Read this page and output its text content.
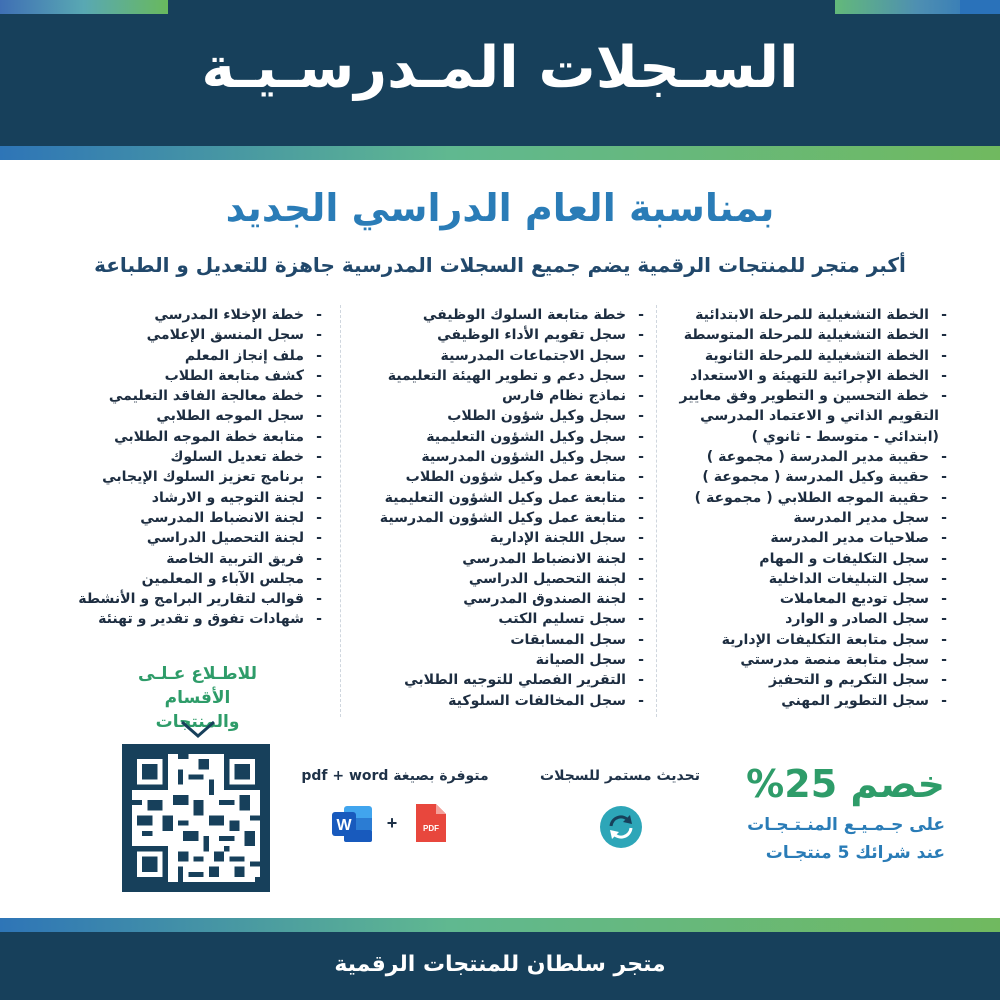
السـجلات المـدرسـيـة
بمناسبة العام الدراسي الجديد
أكبر متجر للمنتجات الرقمية يضم جميع السجلات المدرسية جاهزة للتعديل و الطباعة
- الخطة التشغيلية للمرحلة الابتدائية
- الخطة التشغيلية للمرحلة المتوسطة
- الخطة التشغيلية للمرحلة الثانوية
- الخطة الإجرائية للتهيئة و الاستعداد
- خطة التحسين و التطوير وفق معايير
التقويم الذاتي و الاعتماد المدرسي
(ابتدائي - متوسط - ثانوي )
- حقيبة مدير المدرسة ( مجموعة )
- حقيبة وكيل المدرسة ( مجموعة )
- حقيبة الموجه الطلابي ( مجموعة )
- سجل مدير المدرسة
- صلاحيات مدير المدرسة
- سجل التكليفات و المهام
- سجل التبليغات الداخلية
- سجل توديع المعاملات
- سجل الصادر و الوارد
- سجل متابعة التكليفات الإدارية
- سجل متابعة منصة مدرستي
- سجل التكريم و التحفيز
- سجل التطوير المهني
- خطة متابعة السلوك الوظيفي
- سجل تقويم الأداء الوظيفي
- سجل الاجتماعات المدرسية
- سجل دعم و تطوير الهيئة التعليمية
- نماذج نظام فارس
- سجل وكيل شؤون الطلاب
- سجل وكيل الشؤون التعليمية
- سجل وكيل الشؤون المدرسية
- متابعة عمل وكيل شؤون الطلاب
- متابعة عمل وكيل الشؤون التعليمية
- متابعة عمل وكيل الشؤون المدرسية
- سجل اللجنة الإدارية
- لجنة الانضباط المدرسي
- لجنة التحصيل الدراسي
- لجنة الصندوق المدرسي
- سجل تسليم الكتب
- سجل المسابقات
- سجل الصيانة
- التقرير الفصلي للتوجيه الطلابي
- سجل المخالفات السلوكية
- خطة الإخلاء المدرسي
- سجل المنسق الإعلامي
- ملف إنجاز المعلم
- كشف متابعة الطلاب
- خطة معالجة الفاقد التعليمي
- سجل الموجه الطلابي
- متابعة خطة الموجه الطلابي
- خطة تعديل السلوك
- برنامج تعزيز السلوك الإيجابي
- لجنة التوجيه و الارشاد
- لجنة الانضباط المدرسي
- لجنة التحصيل الدراسي
- فريق التربية الخاصة
- مجلس الآباء و المعلمين
- قوالب لتقارير البرامج و الأنشطة
- شهادات تفوق و تقدير و تهنئة
للاطـلاع عـلـى
الأقسام والمنتجات
متوفرة بصيغة pdf + word
W +	PDF
تحديث مستمر للسجلات خصم 25%
على جـمـيـع المنـتـجـات
عند شرائك 5 منتجـات
متجر سلطان للمنتجات الرقمية
